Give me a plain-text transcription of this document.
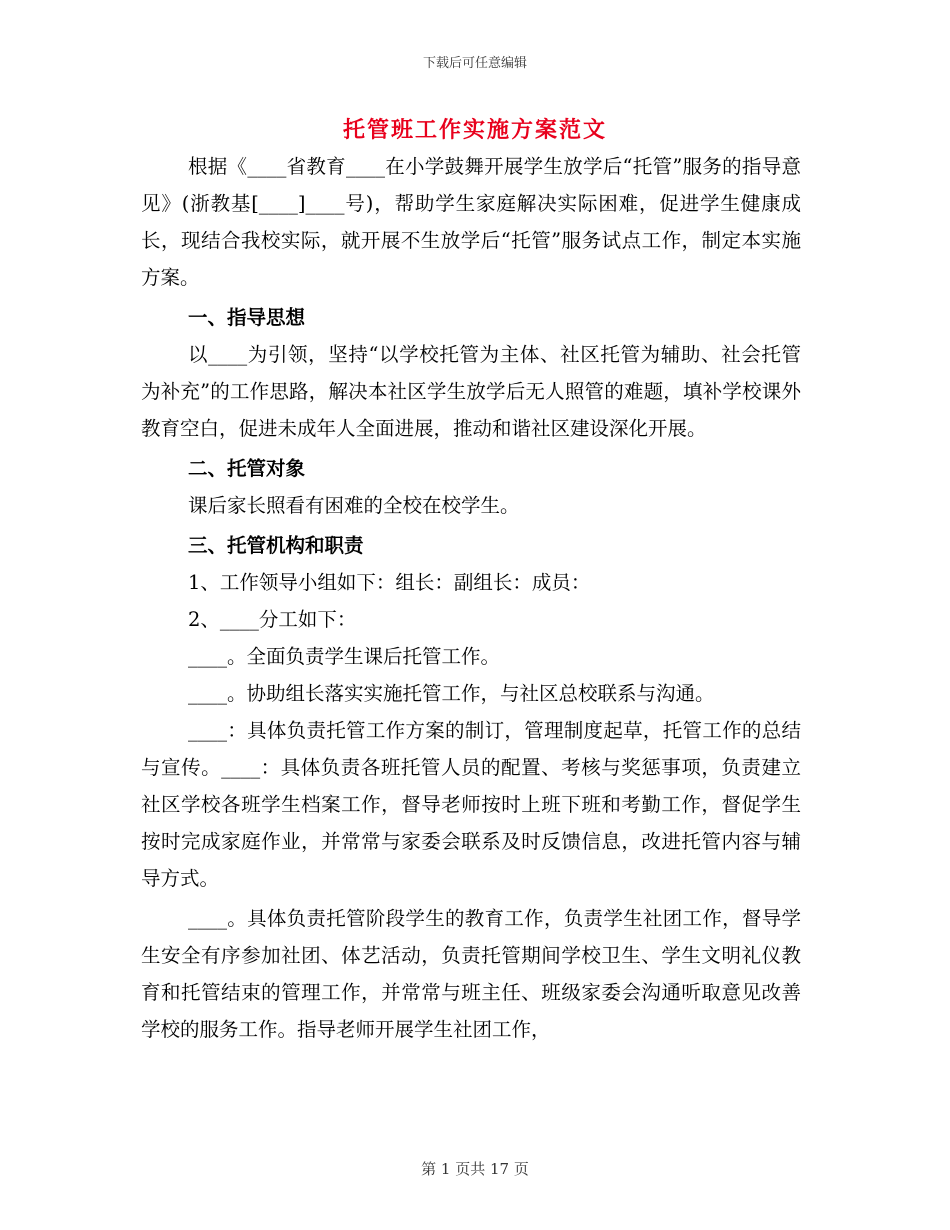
下载后可任意编辑
托管班工作实施方案范文

根据《____省教育____在小学鼓舞开展学生放学后“托管”服务的指导意见》(浙教基[____]____号)，帮助学生家庭解决实际困难，促进学生健康成长，现结合我校实际，就开展不生放学后“托管”服务试点工作，制定本实施方案。

一、指导思想

以____为引领，坚持“以学校托管为主体、社区托管为辅助、社会托管为补充”的工作思路，解决本社区学生放学后无人照管的难题，填补学校课外教育空白，促进未成年人全面进展，推动和谐社区建设深化开展。

二、托管对象

课后家长照看有困难的全校在校学生。

三、托管机构和职责

1、工作领导小组如下：组长：副组长：成员：

2、____分工如下：

____。全面负责学生课后托管工作。

____。协助组长落实实施托管工作，与社区总校联系与沟通。

____：具体负责托管工作方案的制订，管理制度起草，托管工作的总结与宣传。____：具体负责各班托管人员的配置、考核与奖惩事项，负责建立社区学校各班学生档案工作，督导老师按时上班下班和考勤工作，督促学生按时完成家庭作业，并常常与家委会联系及时反馈信息，改进托管内容与辅导方式。

____。具体负责托管阶段学生的教育工作，负责学生社团工作，督导学生安全有序参加社团、体艺活动，负责托管期间学校卫生、学生文明礼仪教育和托管结束的管理工作，并常常与班主任、班级家委会沟通听取意见改善学校的服务工作。指导老师开展学生社团工作，

第 1 页共 17 页
